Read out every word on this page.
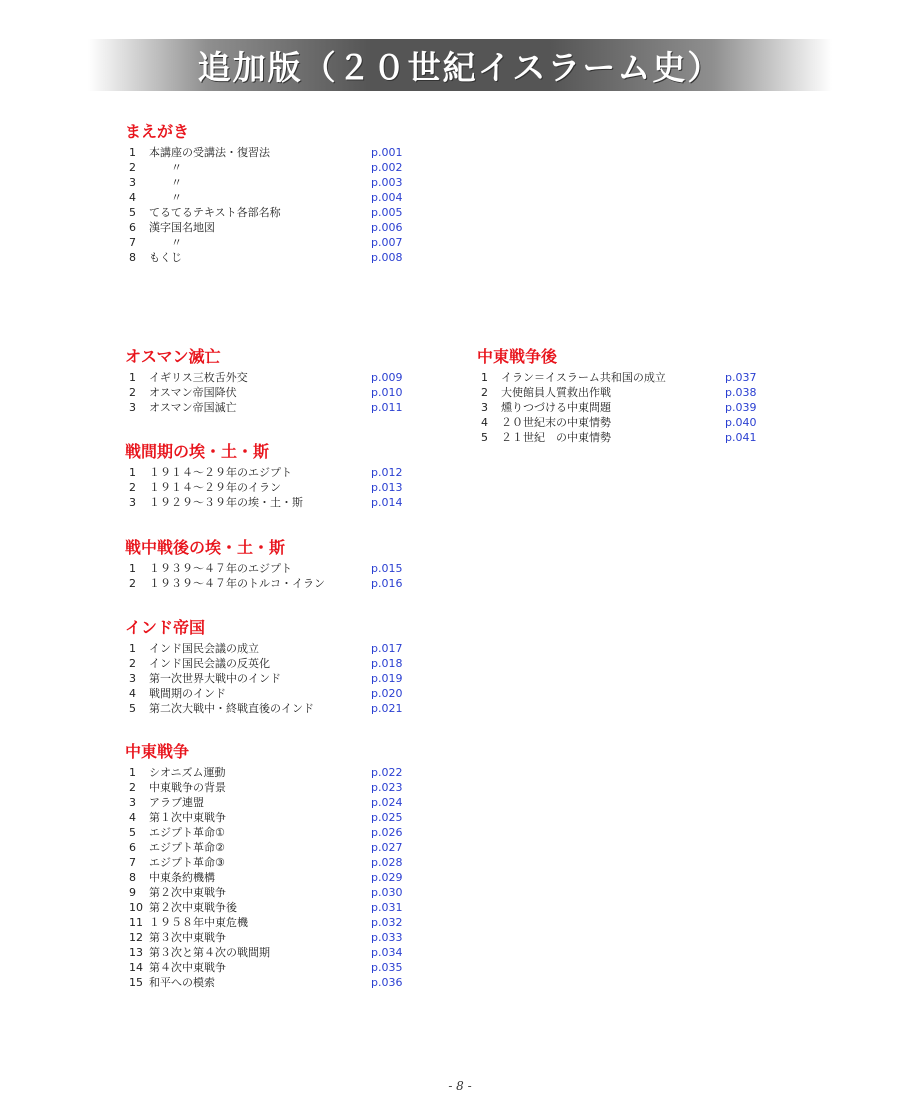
追加版（２０世紀イスラーム史）
まえがき
1 本講座の受講法・復習法	p.001
2 　　〃	p.002
3 　　〃	p.003
4 　　〃	p.004
5 てるてるテキスト各部名称	p.005
6 漢字国名地図	p.006
7 　　〃	p.007
8 もくじ	p.008
オスマン滅亡
1 イギリス三枚舌外交	p.009
2 オスマン帝国降伏	p.010
3 オスマン帝国滅亡	p.011
戦間期の埃・土・斯
1 １９１４～２９年のエジプト	p.012
2 １９１４～２９年のイラン	p.013
3 １９２９～３９年の埃・土・斯	p.014
戦中戦後の埃・土・斯
1 １９３９～４７年のエジプト	p.015
2 １９３９～４７年のトルコ・イラン	p.016
インド帝国
1 インド国民会議の成立	p.017
2 インド国民会議の反英化	p.018
3 第一次世界大戦中のインド	p.019
4 戦間期のインド	p.020
5 第二次大戦中・終戦直後のインド	p.021
中東戦争
1 シオニズム運動	p.022
2 中東戦争の背景	p.023
3 アラブ連盟	p.024
4 第１次中東戦争	p.025
5 エジプト革命①	p.026
6 エジプト革命②	p.027
7 エジプト革命③	p.028
8 中東条約機構	p.029
9 第２次中東戦争	p.030
10 第２次中東戦争後	p.031
11 １９５８年中東危機	p.032
12 第３次中東戦争	p.033
13 第３次と第４次の戦間期	p.034
14 第４次中東戦争	p.035
15 和平への模索	p.036
中東戦争後
1 イラン＝イスラーム共和国の成立	p.037
2 大使館員人質救出作戦	p.038
3 燻りつづける中東問題	p.039
4 ２０世紀末の中東情勢	p.040
5 ２１世紀　の中東情勢	p.041
- 8 -
